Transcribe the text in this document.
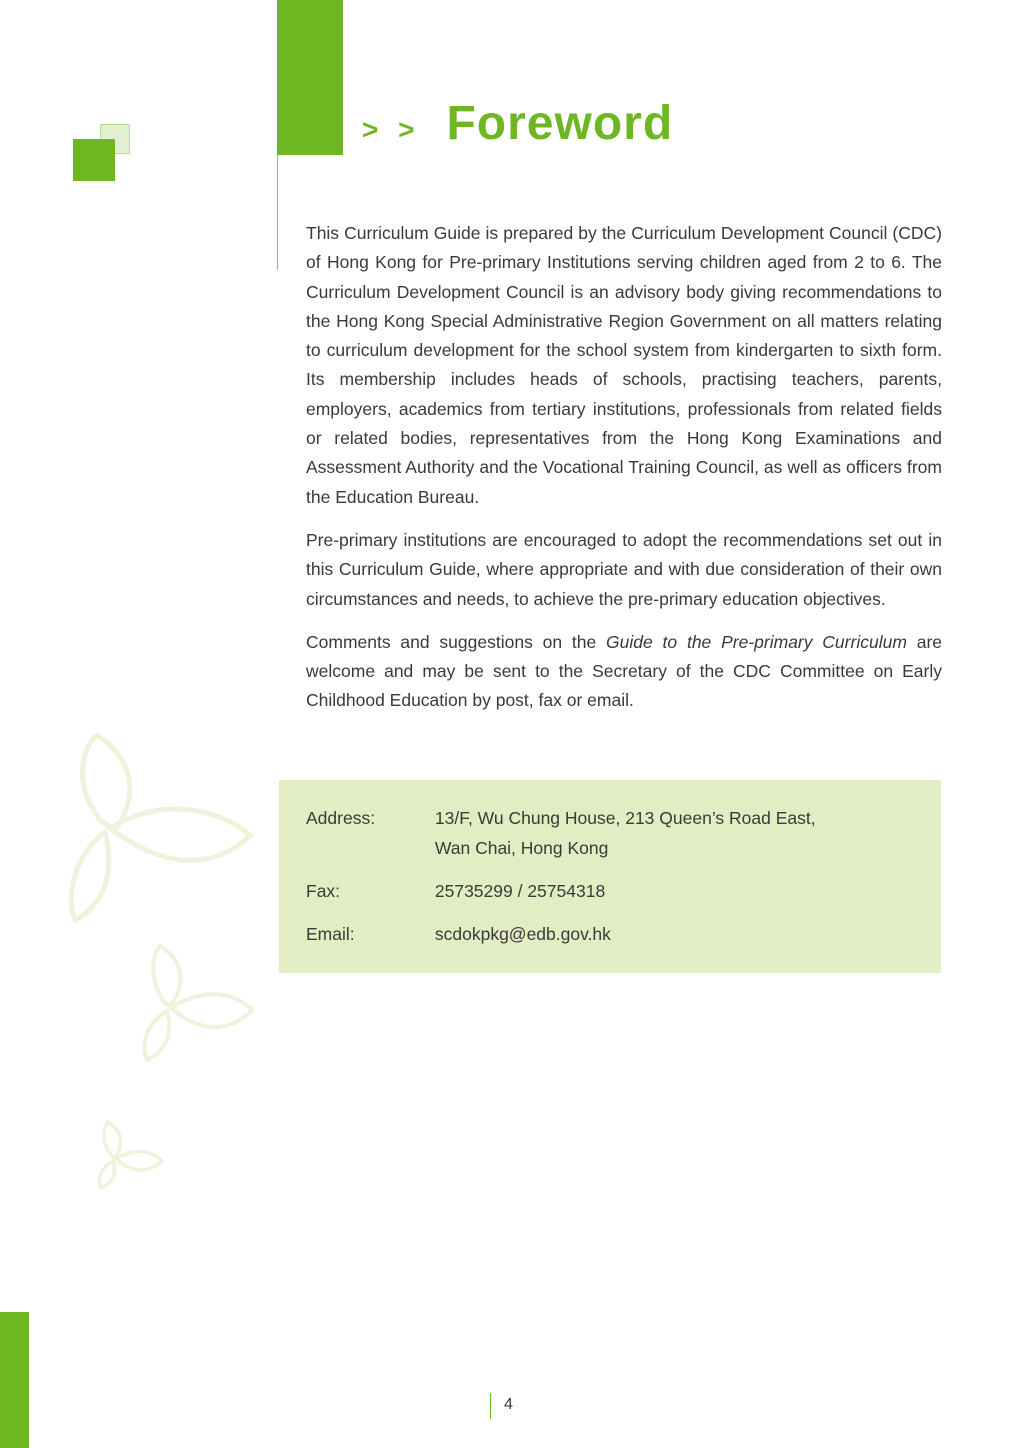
> > Foreword

This Curriculum Guide is prepared by the Curriculum Development Council (CDC) of Hong Kong for Pre-primary Institutions serving children aged from 2 to 6. The Curriculum Development Council is an advisory body giving recommendations to the Hong Kong Special Administrative Region Government on all matters relating to curriculum development for the school system from kindergarten to sixth form. Its membership includes heads of schools, practising teachers, parents, employers, academics from tertiary institutions, professionals from related fields or related bodies, representatives from the Hong Kong Examinations and Assessment Authority and the Vocational Training Council, as well as officers from the Education Bureau.

Pre-primary institutions are encouraged to adopt the recommendations set out in this Curriculum Guide, where appropriate and with due consideration of their own circumstances and needs, to achieve the pre-primary education objectives.

Comments and suggestions on the Guide to the Pre-primary Curriculum are welcome and may be sent to the Secretary of the CDC Committee on Early Childhood Education by post, fax or email.

Address:	13/F, Wu Chung House, 213 Queen’s Road East,
Wan Chai, Hong Kong
Fax:	25735299 / 25754318
Email:	scdokpkg@edb.gov.hk
4
